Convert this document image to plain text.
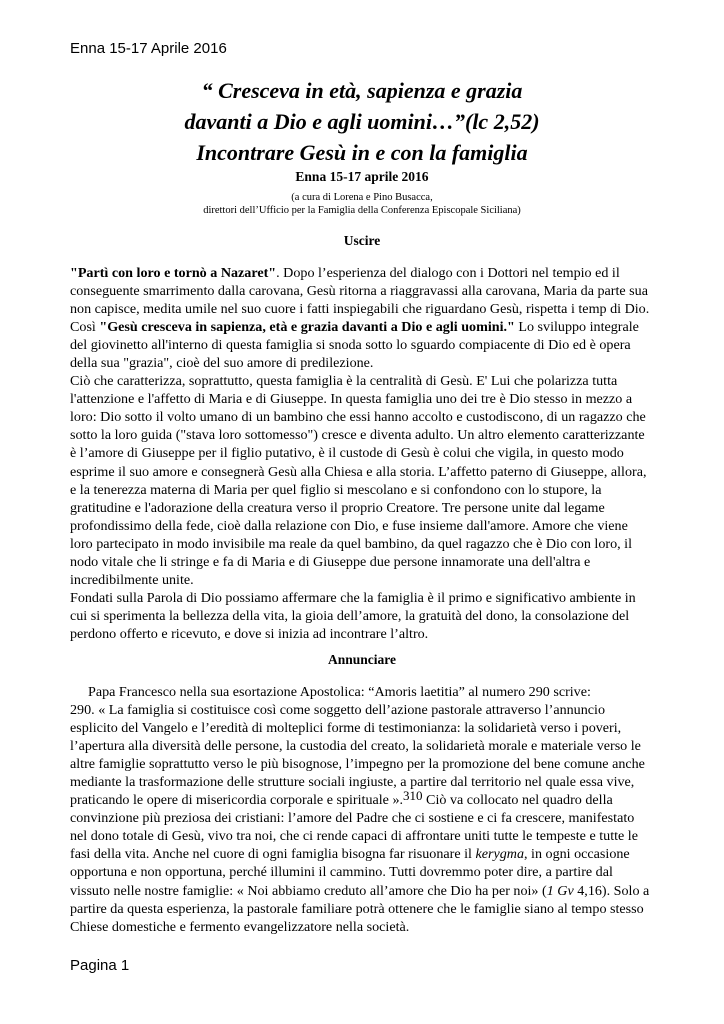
Enna 15-17 Aprile 2016
“ Cresceva in età, sapienza e grazia
davanti a Dio e agli uomini…”(lc 2,52)
Incontrare Gesù in e con la famiglia
Enna 15-17 aprile 2016
(a cura di Lorena e Pino Busacca,
direttori dell’Ufficio per la Famiglia della Conferenza Episcopale Siciliana)
Uscire

"Partì con loro e tornò a Nazaret". Dopo l’esperienza del dialogo con i Dottori nel tempio ed il conseguente smarrimento dalla carovana, Gesù ritorna a riaggravassi alla carovana, Maria da parte sua non capisce, medita umile nel suo cuore i fatti inspiegabili che riguardano Gesù, rispetta i temp di Dio. Così "Gesù cresceva in sapienza, età e grazia davanti a Dio e agli uomini." Lo sviluppo integrale del giovinetto all'interno di questa famiglia si snoda sotto lo sguardo compiacente di Dio ed è opera della sua "grazia", cioè del suo amore di predilezione.

Ciò che caratterizza, soprattutto, questa famiglia è la centralità di Gesù. E' Lui che polarizza tutta l'attenzione e l'affetto di Maria e di Giuseppe. In questa famiglia uno dei tre è Dio stesso in mezzo a loro: Dio sotto il volto umano di un bambino che essi hanno accolto e custodiscono, di un ragazzo che sotto la loro guida ("stava loro sottomesso") cresce e diventa adulto. Un altro elemento caratterizzante è l’amore di Giuseppe per il figlio putativo, è il custode di Gesù è colui che vigila, in questo modo esprime il suo amore e consegnerà Gesù alla Chiesa e alla storia. L’affetto paterno di Giuseppe, allora, e la tenerezza materna di Maria per quel figlio si mescolano e si confondono con lo stupore, la gratitudine e l'adorazione della creatura verso il proprio Creatore. Tre persone unite dal legame profondissimo della fede, cioè dalla relazione con Dio, e fuse insieme dall'amore. Amore che viene loro partecipato in modo invisibile ma reale da quel bambino, da quel ragazzo che è Dio con loro, il nodo vitale che li stringe e fa di Maria e di Giuseppe due persone innamorate una dell'altra e incredibilmente unite.

Fondati sulla Parola di Dio possiamo affermare che la famiglia è il primo e significativo ambiente in cui si sperimenta la bellezza della vita, la gioia dell’amore, la gratuità del dono, la consolazione del perdono offerto e ricevuto, e dove si inizia ad incontrare l’altro.

Annunciare

Papa Francesco nella sua esortazione Apostolica: “Amoris laetitia” al numero 290 scrive:

290. « La famiglia si costituisce così come soggetto dell’azione pastorale attraverso l’annuncio esplicito del Vangelo e l’eredità di molteplici forme di testimonianza: la solidarietà verso i poveri, l’apertura alla diversità delle persone, la custodia del creato, la solidarietà morale e materiale verso le altre famiglie soprattutto verso le più bisognose, l’impegno per la promozione del bene comune anche mediante la trasformazione delle strutture sociali ingiuste, a partire dal territorio nel quale essa vive, praticando le opere di misericordia corporale e spirituale ».$^{310}$ Ciò va collocato nel quadro della convinzione più preziosa dei cristiani: l’amore del Padre che ci sostiene e ci fa crescere, manifestato nel dono totale di Gesù, vivo tra noi, che ci rende capaci di affrontare uniti tutte le tempeste e tutte le fasi della vita. Anche nel cuore di ogni famiglia bisogna far risuonare il kerygma, in ogni occasione opportuna e non opportuna, perché illumini il cammino. Tutti dovremmo poter dire, a partire dal vissuto nelle nostre famiglie: « Noi abbiamo creduto all’amore che Dio ha per noi» (1 Gv 4,16). Solo a partire da questa esperienza, la pastorale familiare potrà ottenere che le famiglie siano al tempo stesso Chiese domestiche e fermento evangelizzatore nella società.

Pagina 1
